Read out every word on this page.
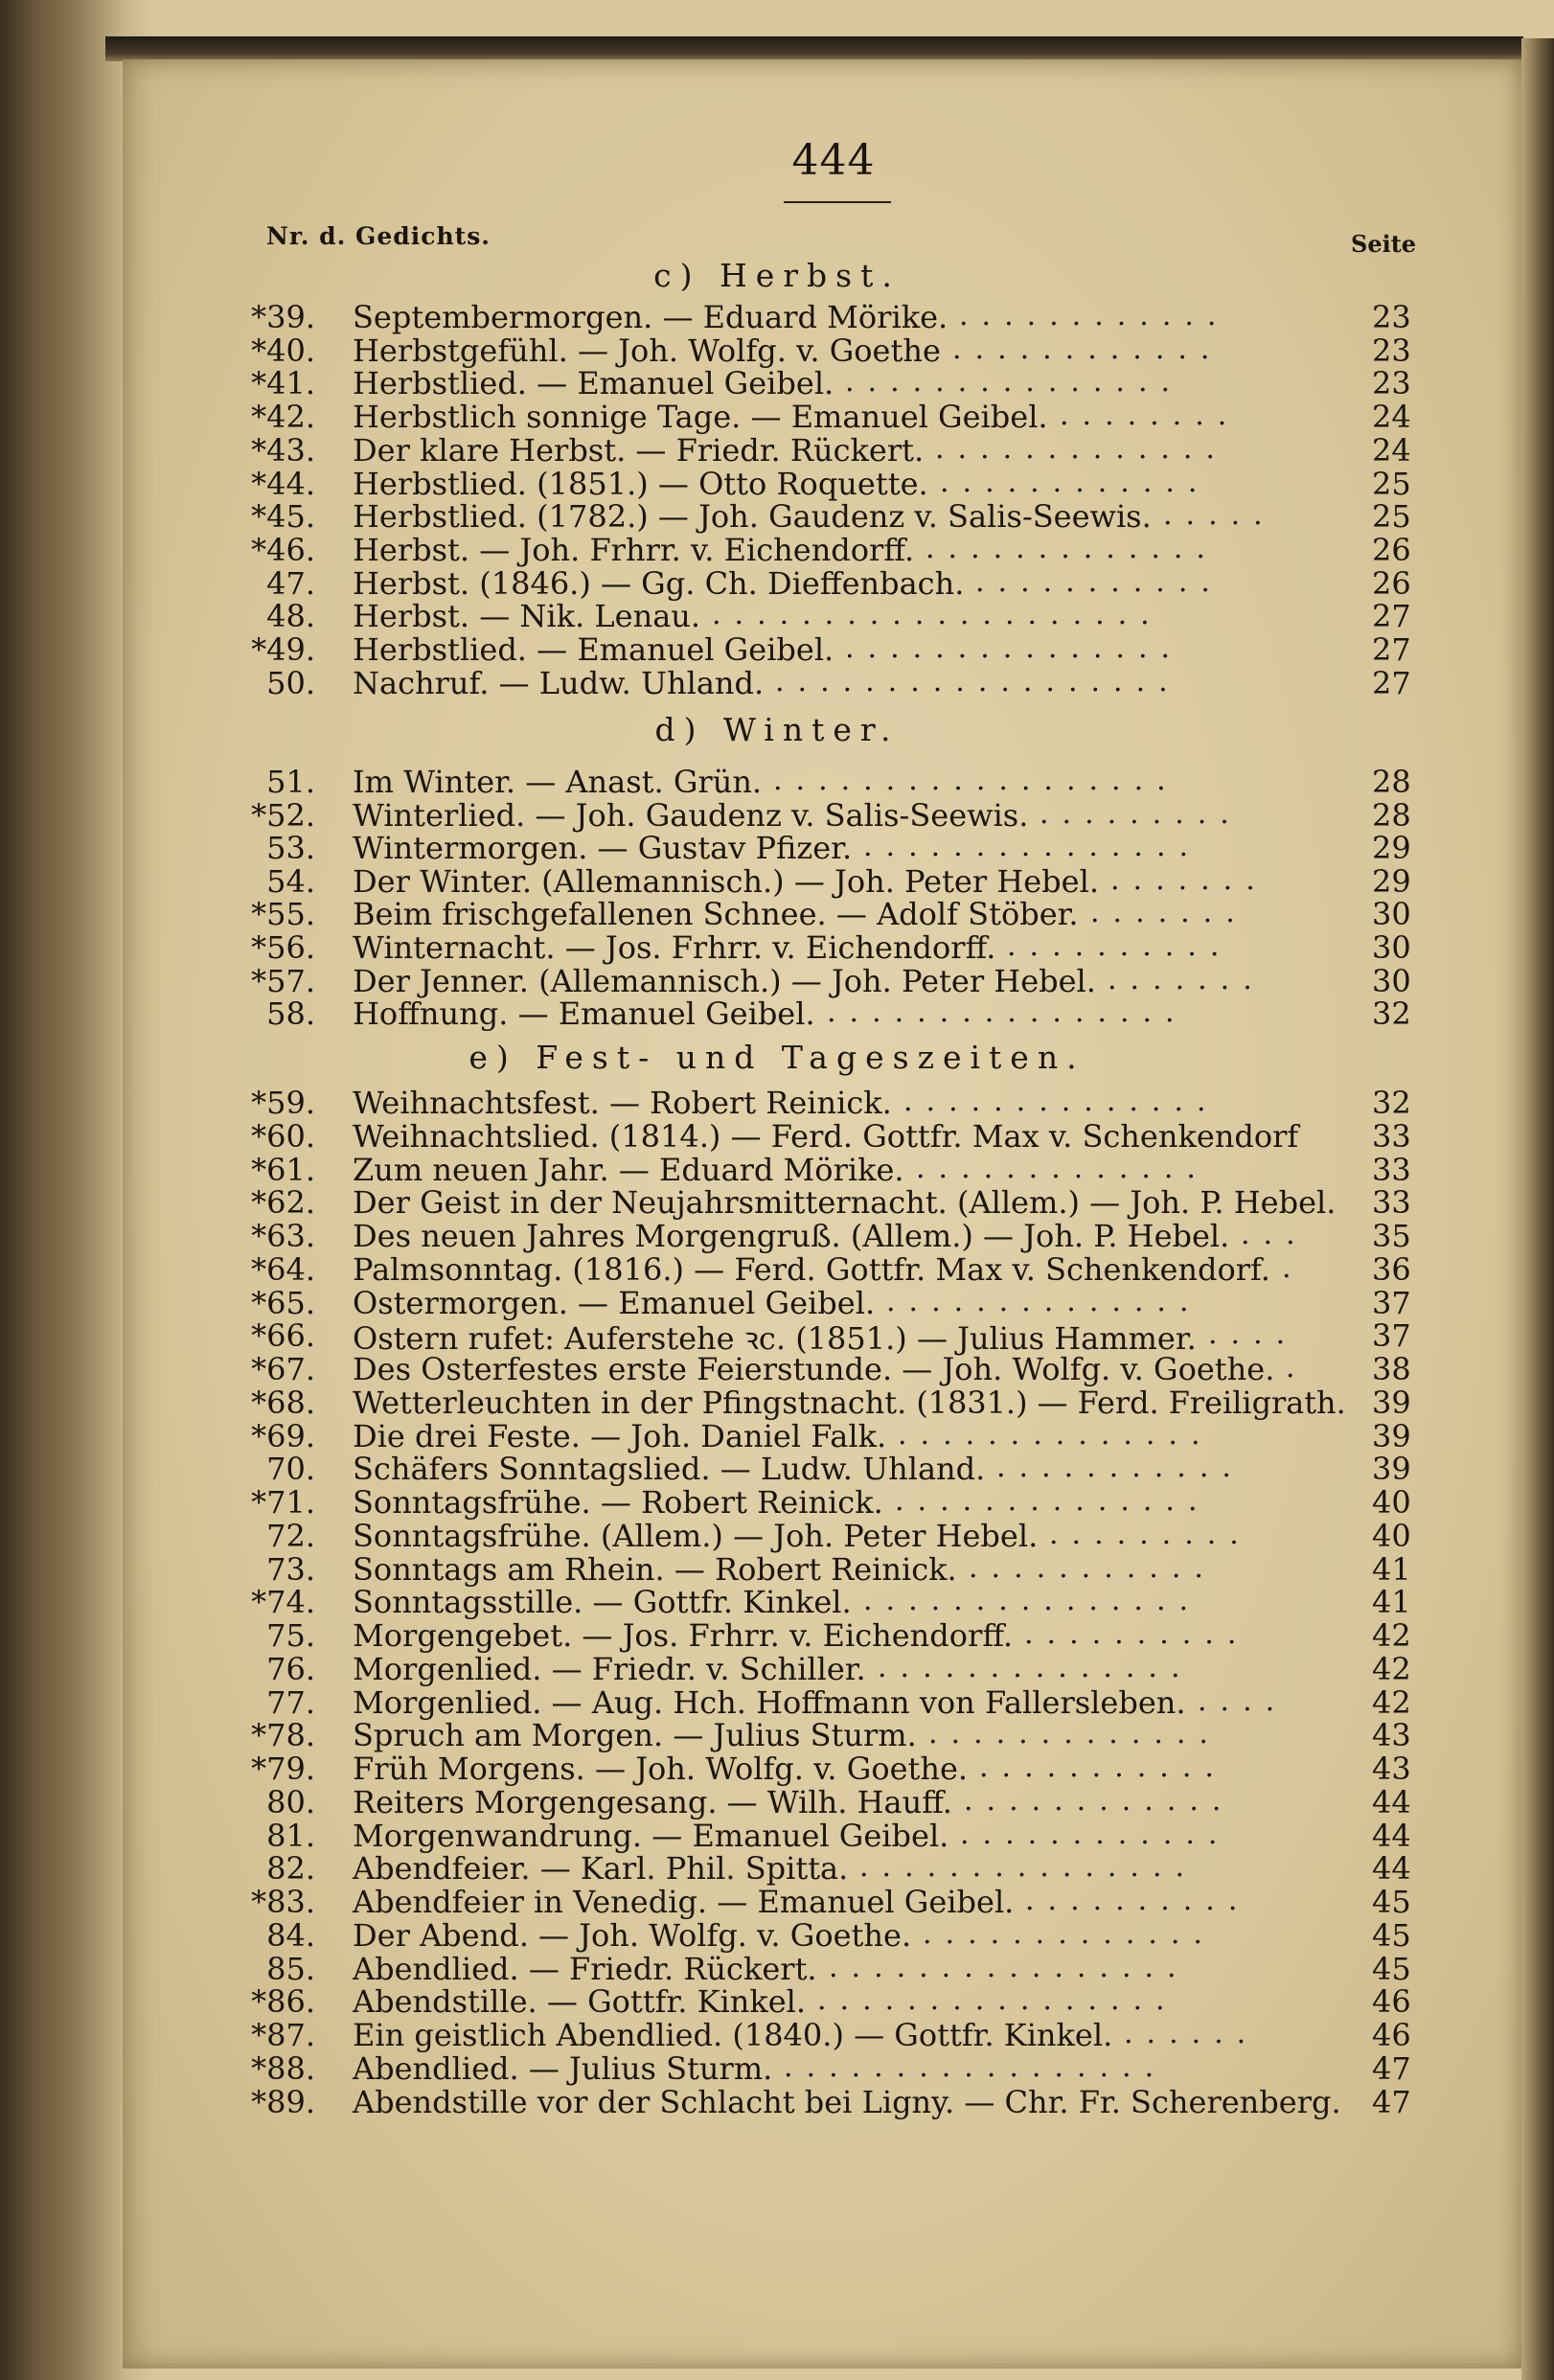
444
Nr. d. Gedichts.	Seite
c) Herbst.
*39. Septembermorgen. — Eduard Mörike.	23
............
*40. Herbstgefühl. — Joh. Wolfg. v. Goethe	23
............
*41. Herbstlied. — Emanuel Geibel.	23
...............
*42. Herbstlich sonnige Tage. — Emanuel Geibel.	24
........
*43. Der klare Herbst. — Friedr. Rückert.	24
.............
*44. Herbstlied. (1851.) — Otto Roquette.	25
............
*45. Herbstlied. (1782.) — Joh. Gaudenz v. Salis-Seewis.	25
.....
*46. Herbst. — Joh. Frhrr. v. Eichendorff.	26
.............
47. Herbst. (1846.) — Gg. Ch. Dieffenbach.	26
...........
48. Herbst. — Nik. Lenau.	27
....................
*49. Herbstlied. — Emanuel Geibel.	27
...............
50. Nachruf. — Ludw. Uhland.	27
..................
d) Winter.
51. Im Winter. — Anast. Grün.	28
..................
*52. Winterlied. — Joh. Gaudenz v. Salis-Seewis.	28
.........
53. Wintermorgen. — Gustav Pfizer.	29
...............
54. Der Winter. (Allemannisch.) — Joh. Peter Hebel.	29
.......
*55. Beim frischgefallenen Schnee. — Adolf Stöber.	30
.......
*56. Winternacht. — Jos. Frhrr. v. Eichendorff.	30
..........
*57. Der Jenner. (Allemannisch.) — Joh. Peter Hebel.	30
.......
58. Hoffnung. — Emanuel Geibel.	32
................
e) Fest- und Tageszeiten.
*59. Weihnachtsfest. — Robert Reinick.	32
..............
*60. Weihnachtslied. (1814.) — Ferd. Gottfr. Max v. Schenkendorf 33
*61. Zum neuen Jahr. — Eduard Mörike.	33
.............
*62. Der Geist in der Neujahrsmitternacht. (Allem.) — Joh. P. Hebel. 33
*63. Des neuen Jahres Morgengruß. (Allem.) — Joh. P. Hebel.	35
...
*64. Palmsonntag. (1816.) — Ferd. Gottfr. Max v. Schenkendorf.	36
.
*65. Ostermorgen. — Emanuel Geibel.	37
..............
*66. Ostern rufet: Auferstehe ꝛc. (1851.) — Julius Hammer.	37
....
*67. Des Osterfestes erste Feierstunde. — Joh. Wolfg. v. Goethe.	38
.
*68. Wetterleuchten in der Pfingstnacht. (1831.) — Ferd. Freiligrath. 39
*69. Die drei Feste. — Joh. Daniel Falk.	39
..............
70. Schäfers Sonntagslied. — Ludw. Uhland.	39
...........
*71. Sonntagsfrühe. — Robert Reinick.	40
..............
72. Sonntagsfrühe. (Allem.) — Joh. Peter Hebel.	40
.........
73. Sonntags am Rhein. — Robert Reinick.	41
...........
*74. Sonntagsstille. — Gottfr. Kinkel.	41
...............
75. Morgengebet. — Jos. Frhrr. v. Eichendorff.	42
..........
76. Morgenlied. — Friedr. v. Schiller.	42
..............
77. Morgenlied. — Aug. Hch. Hoffmann von Fallersleben.	42
....
*78. Spruch am Morgen. — Julius Sturm.	43
.............
*79. Früh Morgens. — Joh. Wolfg. v. Goethe.	43
...........
80. Reiters Morgengesang. — Wilh. Hauff.	44
............
81. Morgenwandrung. — Emanuel Geibel.	44
............
82. Abendfeier. — Karl. Phil. Spitta.	44
...............
*83. Abendfeier in Venedig. — Emanuel Geibel.	45
..........
84. Der Abend. — Joh. Wolfg. v. Goethe.	45
.............
85. Abendlied. — Friedr. Rückert.	45
................
*86. Abendstille. — Gottfr. Kinkel.	46
................
*87. Ein geistlich Abendlied. (1840.) — Gottfr. Kinkel.	46
......
*88. Abendlied. — Julius Sturm.	47
.................
*89. Abendstille vor der Schlacht bei Ligny. — Chr. Fr. Scherenberg. 47
